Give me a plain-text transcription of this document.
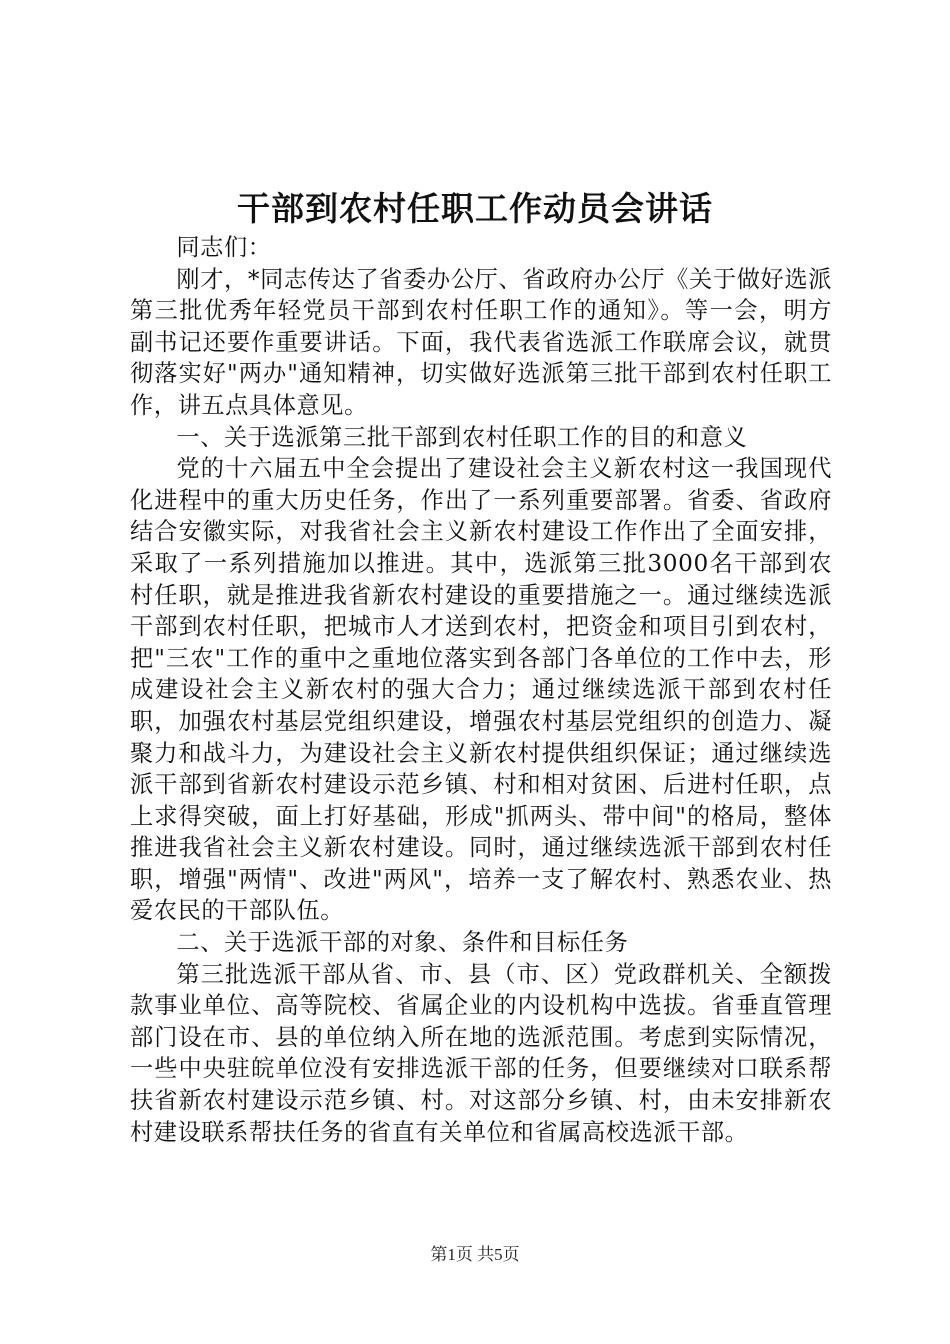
干部到农村任职工作动员会讲话

同志们：

刚才，*同志传达了省委办公厅、省政府办公厅《关于做好选派第三批优秀年轻党员干部到农村任职工作的通知》。等一会，明方副书记还要作重要讲话。下面，我代表省选派工作联席会议，就贯彻落实好"两办"通知精神，切实做好选派第三批干部到农村任职工作，讲五点具体意见。

一、关于选派第三批干部到农村任职工作的目的和意义

党的十六届五中全会提出了建设社会主义新农村这一我国现代化进程中的重大历史任务，作出了一系列重要部署。省委、省政府结合安徽实际，对我省社会主义新农村建设工作作出了全面安排，采取了一系列措施加以推进。其中，选派第三批3000名干部到农村任职，就是推进我省新农村建设的重要措施之一。通过继续选派干部到农村任职，把城市人才送到农村，把资金和项目引到农村，把"三农"工作的重中之重地位落实到各部门各单位的工作中去，形成建设社会主义新农村的强大合力；通过继续选派干部到农村任职，加强农村基层党组织建设，增强农村基层党组织的创造力、凝聚力和战斗力，为建设社会主义新农村提供组织保证；通过继续选派干部到省新农村建设示范乡镇、村和相对贫困、后进村任职，点上求得突破，面上打好基础，形成"抓两头、带中间"的格局，整体推进我省社会主义新农村建设。同时，通过继续选派干部到农村任职，增强"两情"、改进"两风"，培养一支了解农村、熟悉农业、热爱农民的干部队伍。

二、关于选派干部的对象、条件和目标任务

第三批选派干部从省、市、县（市、区）党政群机关、全额拨款事业单位、高等院校、省属企业的内设机构中选拔。省垂直管理部门设在市、县的单位纳入所在地的选派范围。考虑到实际情况，一些中央驻皖单位没有安排选派干部的任务，但要继续对口联系帮扶省新农村建设示范乡镇、村。对这部分乡镇、村，由未安排新农村建设联系帮扶任务的省直有关单位和省属高校选派干部。

第1页 共5页
